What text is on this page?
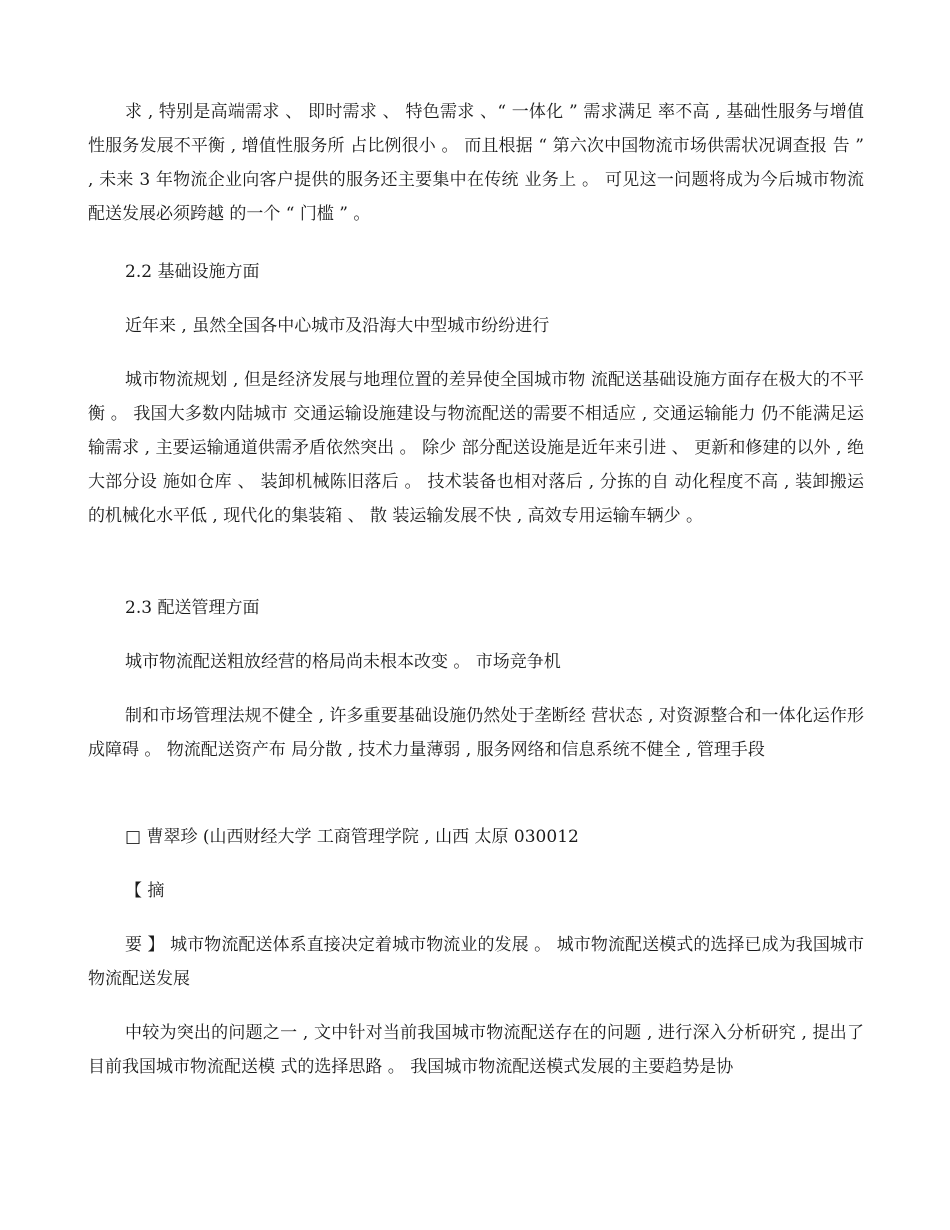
求 , 特别是高端需求 、 即时需求 、 特色需求 、“ 一体化 ” 需求满足 率不高 , 基础性服务与增值性服务发展不平衡 , 增值性服务所 占比例很小 。 而且根据 “ 第六次中国物流市场供需状况调查报 告 ” , 未来 3 年物流企业向客户提供的服务还主要集中在传统 业务上 。 可见这一问题将成为今后城市物流配送发展必须跨越 的一个 “ 门槛 ” 。

2.2 基础设施方面

近年来 , 虽然全国各中心城市及沿海大中型城市纷纷进行

城市物流规划 , 但是经济发展与地理位置的差异使全国城市物 流配送基础设施方面存在极大的不平衡 。 我国大多数内陆城市 交通运输设施建设与物流配送的需要不相适应 , 交通运输能力 仍不能满足运输需求 , 主要运输通道供需矛盾依然突出 。 除少 部分配送设施是近年来引进 、 更新和修建的以外 , 绝大部分设 施如仓库 、 装卸机械陈旧落后 。 技术装备也相对落后 , 分拣的自 动化程度不高 , 装卸搬运的机械化水平低 , 现代化的集装箱 、 散 装运输发展不快 , 高效专用运输车辆少 。

2.3 配送管理方面

城市物流配送粗放经营的格局尚未根本改变 。 市场竞争机

制和市场管理法规不健全 , 许多重要基础设施仍然处于垄断经 营状态 , 对资源整合和一体化运作形成障碍 。 物流配送资产布 局分散 , 技术力量薄弱 , 服务网络和信息系统不健全 , 管理手段

□ 曹翠珍 (山西财经大学 工商管理学院 , 山西 太原 030012

【 摘

要 】 城市物流配送体系直接决定着城市物流业的发展 。 城市物流配送模式的选择已成为我国城市物流配送发展

中较为突出的问题之一 , 文中针对当前我国城市物流配送存在的问题 , 进行深入分析研究 , 提出了目前我国城市物流配送模 式的选择思路 。 我国城市物流配送模式发展的主要趋势是协
